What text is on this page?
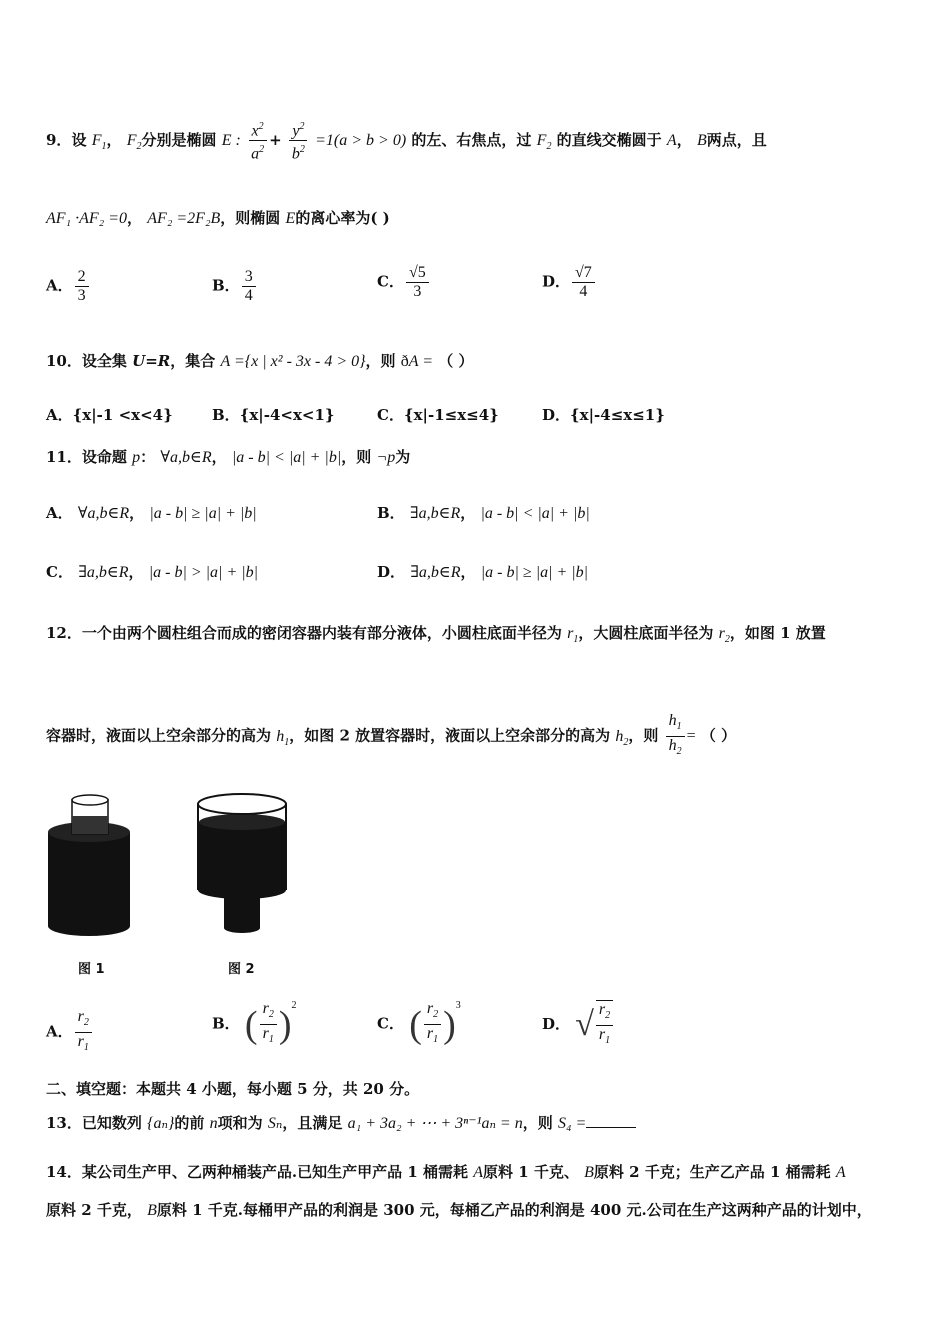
9．设 $F_1$， $F_2$分别是椭圆 E : $\frac{x^2}{a^2} + \frac{y^2}{b^2} =1(a > b > 0)$ 的左、右焦点，过 $F_2$ 的直线交椭圆于 A， B两点，且
AF₁ ·AF₂ =0， AF₂ =2F₂B，则椭圆 E的离心率为( )
A． $\frac{2}{3}$	B． $\frac{3}{4}$	C． $\frac{√5}{3}$	D． $\frac{√7}{4}$
10．设全集 U=R，集合 A ={x | x² - 3x - 4 > 0}，则 ðA = （ ）
A．{x|-1 <x<4}	B．{x|-4<x<1}	C．{x|-1≤x≤4}	D．{x|-4≤x≤1}
11．设命题 p： ∀a,b∈R， |a - b| < |a| + |b|，则 ¬p为
A． ∀a,b∈R， |a - b| ≥ |a| + |b|	B． ∃a,b∈R， |a - b| < |a| + |b|
C． ∃a,b∈R， |a - b| > |a| + |b|	D． ∃a,b∈R， |a - b| ≥ |a| + |b|
12．一个由两个圆柱组合而成的密闭容器内装有部分液体，小圆柱底面半径为 $r_1$，大圆柱底面半径为 $r_2$，如图 1 放置
容器时，液面以上空余部分的高为 $h_1$，如图 2 放置容器时，液面以上空余部分的高为 $h_2$，则 $\frac{h_1}{h_2}$ = （ ）
图 1	图 2
A． $\frac{r_2}{r_1}$	B． ( $\frac{r_2}{r_1} )^2$
C． ( $\frac{r_2}{r_1} )^3$
D． √ $\frac{r_2}{r_1}$
二、填空题：本题共 4 小题，每小题 5 分，共 20 分。
13．已知数列 {aₙ}的前 n项和为 Sₙ，且满足 a₁ + 3a₂ + ⋯ + 3ⁿ⁻¹aₙ = n，则 S₄ =
14．某公司生产甲、乙两种桶装产品.已知生产甲产品 1 桶需耗 A原料 1 千克、 B原料 2 千克；生产乙产品 1 桶需耗 A
原料 2 千克， B原料 1 千克.每桶甲产品的利润是 300 元，每桶乙产品的利润是 400 元.公司在生产这两种产品的计划中，
